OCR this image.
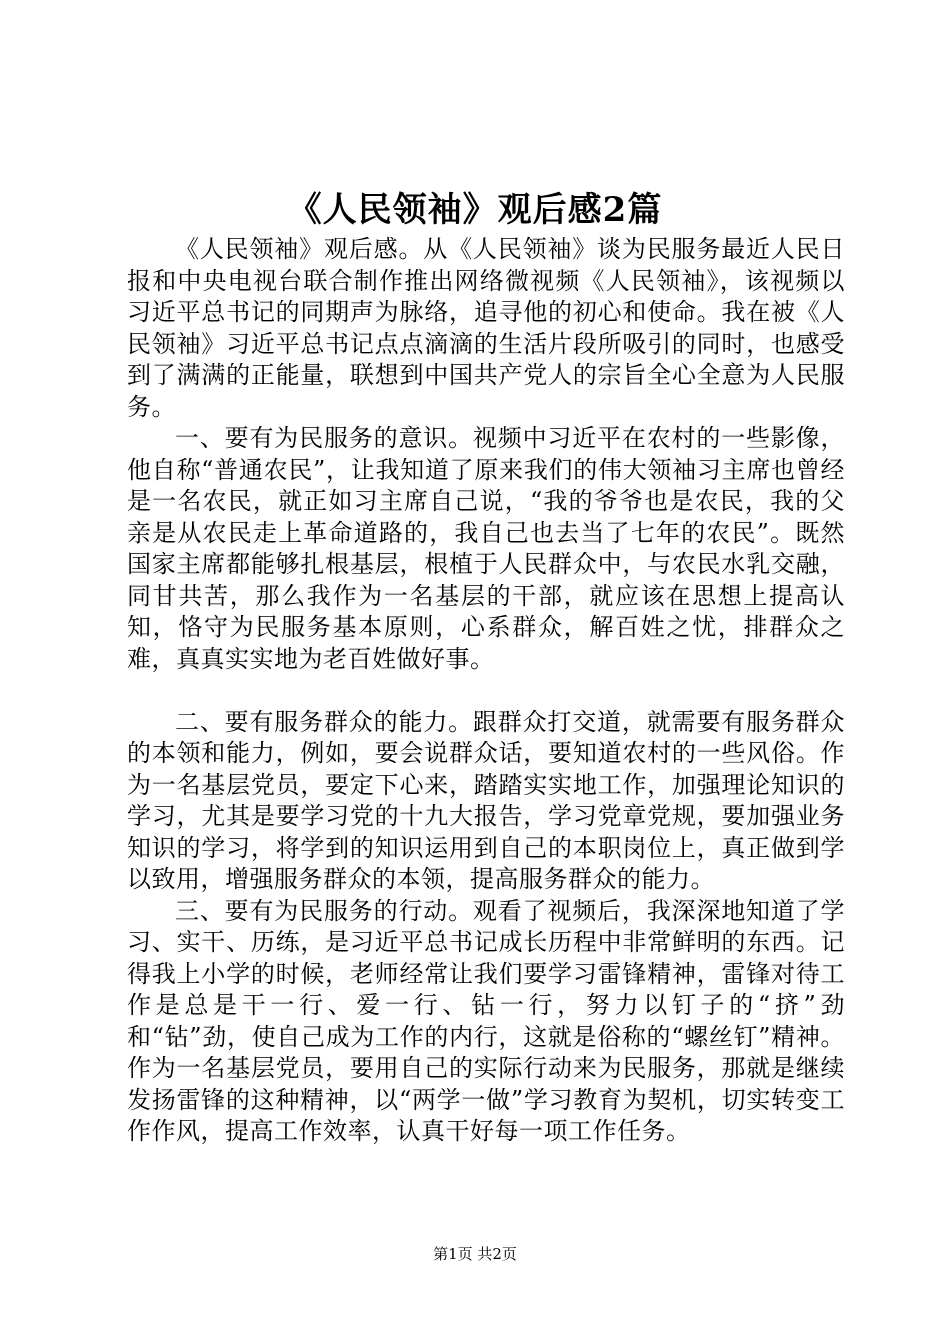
《人民领袖》观后感2篇

《人民领袖》观后感。从《人民领袖》谈为民服务最近人民日报和中央电视台联合制作推出网络微视频《人民领袖》，该视频以习近平总书记的同期声为脉络，追寻他的初心和使命。我在被《人民领袖》习近平总书记点点滴滴的生活片段所吸引的同时，也感受到了满满的正能量，联想到中国共产党人的宗旨全心全意为人民服务。

一、要有为民服务的意识。视频中习近平在农村的一些影像，他自称“普通农民”，让我知道了原来我们的伟大领袖习主席也曾经是一名农民，就正如习主席自己说，“我的爷爷也是农民，我的父亲是从农民走上革命道路的，我自己也去当了七年的农民”。既然国家主席都能够扎根基层，根植于人民群众中，与农民水乳交融，同甘共苦，那么我作为一名基层的干部，就应该在思想上提高认知，恪守为民服务基本原则，心系群众，解百姓之忧，排群众之难，真真实实地为老百姓做好事。

二、要有服务群众的能力。跟群众打交道，就需要有服务群众的本领和能力，例如，要会说群众话，要知道农村的一些风俗。作为一名基层党员，要定下心来，踏踏实实地工作，加强理论知识的学习，尤其是要学习党的十九大报告，学习党章党规，要加强业务知识的学习，将学到的知识运用到自己的本职岗位上，真正做到学以致用，增强服务群众的本领，提高服务群众的能力。

三、要有为民服务的行动。观看了视频后，我深深地知道了学习、实干、历练，是习近平总书记成长历程中非常鲜明的东西。记得我上小学的时候，老师经常让我们要学习雷锋精神，雷锋对待工作是总是干一行、爱一行、钻一行，努力以钉子的“挤”劲和“钻”劲，使自己成为工作的内行，这就是俗称的“螺丝钉”精神。作为一名基层党员，要用自己的实际行动来为民服务，那就是继续发扬雷锋的这种精神，以“两学一做”学习教育为契机，切实转变工作作风，提高工作效率，认真干好每一项工作任务。

第1页 共2页
